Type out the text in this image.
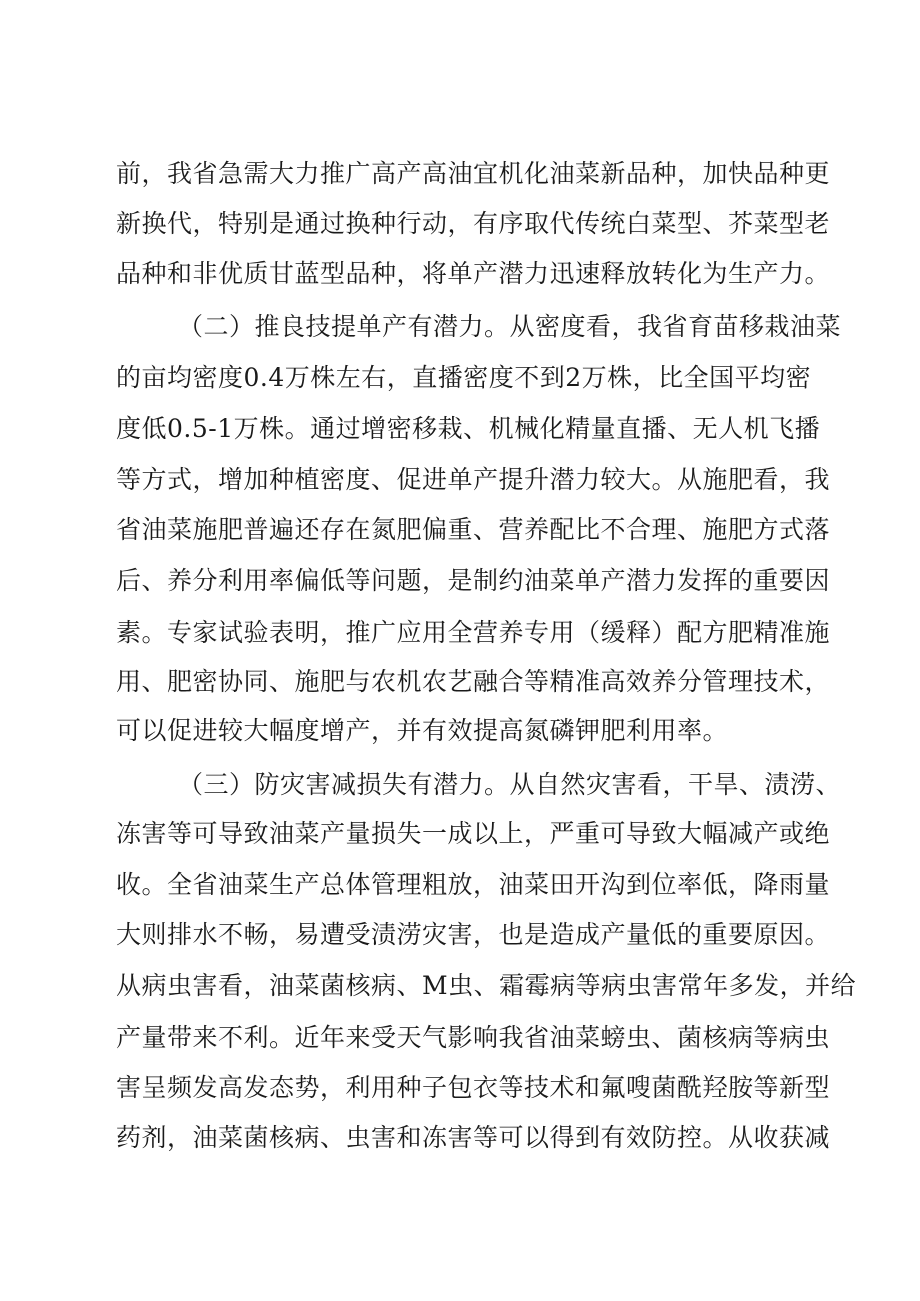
前，我省急需大力推广高产高油宜机化油菜新品种，加快品种更
新换代，特别是通过换种行动，有序取代传统白菜型、芥菜型老
品种和非优质甘蓝型品种，将单产潜力迅速释放转化为生产力。
（二）推良技提单产有潜力。从密度看，我省育苗移栽油菜
的亩均密度0.4万株左右，直播密度不到2万株，比全国平均密
度低0.5-1万株。通过增密移栽、机械化精量直播、无人机飞播
等方式，增加种植密度、促进单产提升潜力较大。从施肥看，我
省油菜施肥普遍还存在氮肥偏重、营养配比不合理、施肥方式落
后、养分利用率偏低等问题，是制约油菜单产潜力发挥的重要因
素。专家试验表明，推广应用全营养专用（缓释）配方肥精准施
用、肥密协同、施肥与农机农艺融合等精准高效养分管理技术，
可以促进较大幅度增产，并有效提高氮磷钾肥利用率。
（三）防灾害减损失有潜力。从自然灾害看，干旱、渍涝、
冻害等可导致油菜产量损失一成以上，严重可导致大幅减产或绝
收。全省油菜生产总体管理粗放，油菜田开沟到位率低，降雨量
大则排水不畅，易遭受渍涝灾害，也是造成产量低的重要原因。
从病虫害看，油菜菌核病、M虫、霜霉病等病虫害常年多发，并给
产量带来不利。近年来受天气影响我省油菜螃虫、菌核病等病虫
害呈频发高发态势，利用种子包衣等技术和氟嗖菌酰羟胺等新型
药剂，油菜菌核病、虫害和冻害等可以得到有效防控。从收获减
